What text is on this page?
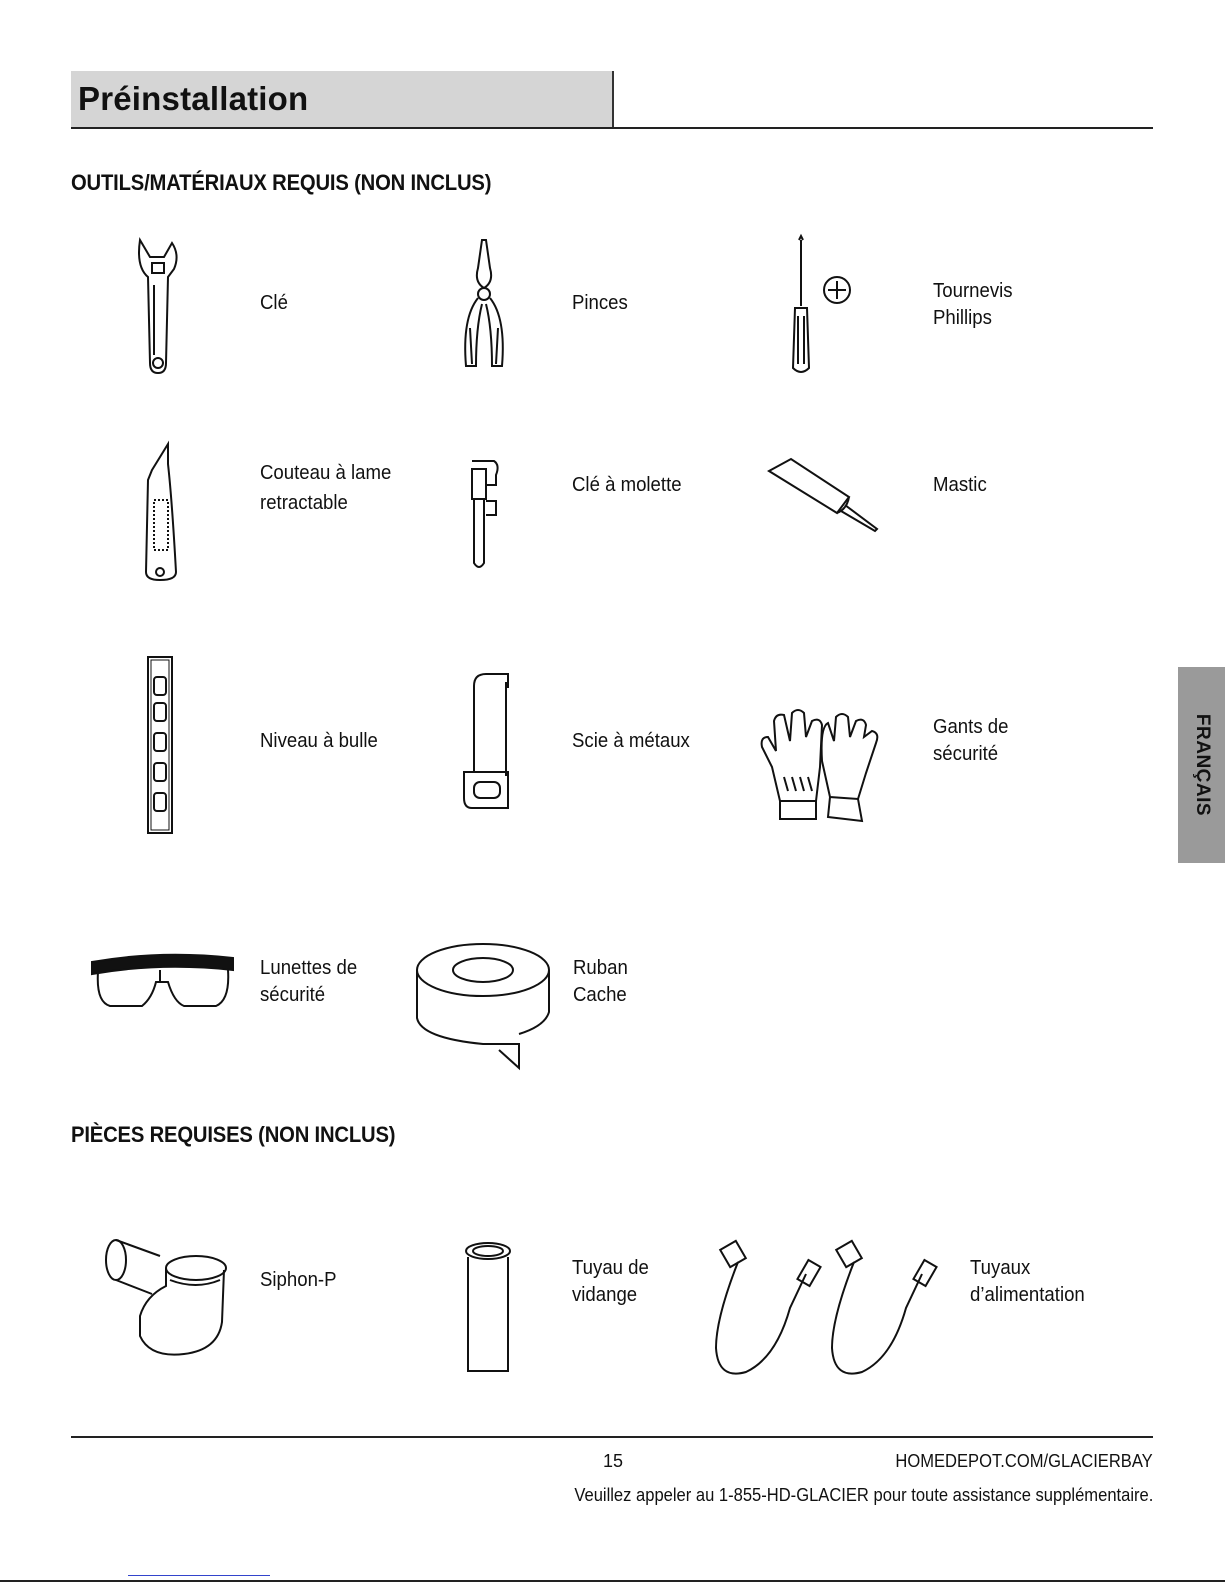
Préinstallation
OUTILS/MATÉRIAUX REQUIS (NON INCLUS)
Clé	Pinces
Tournevis
Phillips
Couteau à lame
retractable
Clé à molette	Mastic
Niveau à bulle	Scie à métaux
Gants de
sécurité
Lunettes de
sécurité
Ruban
Cache
PIÈCES REQUISES (NON INCLUS)
Siphon-P
Tuyau de
vidange
Tuyaux
d’alimentation
FRANÇAIS
15	HOMEDEPOT.COM/GLACIERBAY
Veuillez appeler au 1-855-HD-GLACIER pour toute assistance supplémentaire.
